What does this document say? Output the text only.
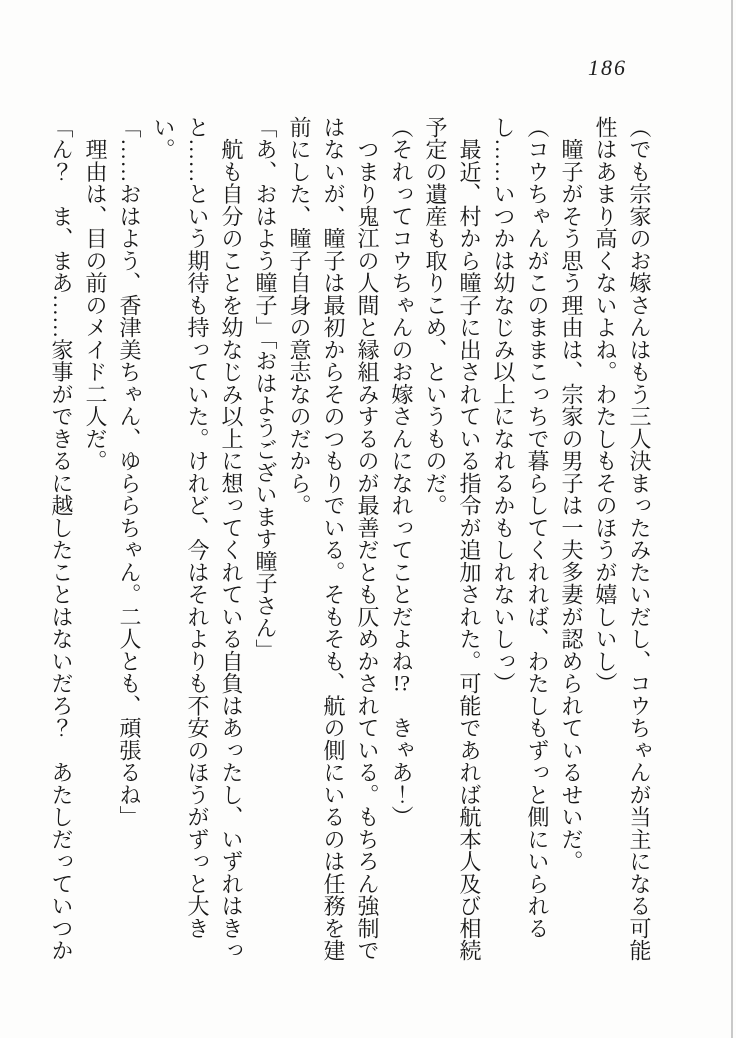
186

（でも宗家のお嫁さんはもう三人決まったみたいだし、コウちゃんが当主になる可能性はあまり高くないよね。わたしもそのほうが嬉しいし）

　瞳子がそう思う理由は、宗家の男子は一夫多妻が認められているせいだ。

（コウちゃんがこのままこっちで暮らしてくれれば、わたしもずっと側にいられるし……いつかは幼なじみ以上になれるかもしれないしっ）

　最近、村から瞳子に出されている指令が追加された。可能であれば航本人及び相続予定の遺産も取りこめ、というものだ。

（それってコウちゃんのお嫁さんになれってことだよね!?　きゃあ！）

　つまり鬼江の人間と縁組みするのが最善だとも仄めかされている。もちろん強制ではないが、瞳子は最初からそのつもりでいる。そもそも、航の側にいるのは任務を建前にした、瞳子自身の意志なのだから。

「あ、おはよう瞳子」「おはようございます瞳子さん」

　航も自分のことを幼なじみ以上に想ってくれている自負はあったし、いずれはきっと……という期待も持っていた。けれど、今はそれよりも不安のほうがずっと大きい。

「……おはよう、香津美ちゃん、ゆららちゃん。二人とも、頑張るね」

　理由は、目の前のメイド二人だ。

「ん？　ま、まあ……家事ができるに越したことはないだろ？　あたしだっていつか
